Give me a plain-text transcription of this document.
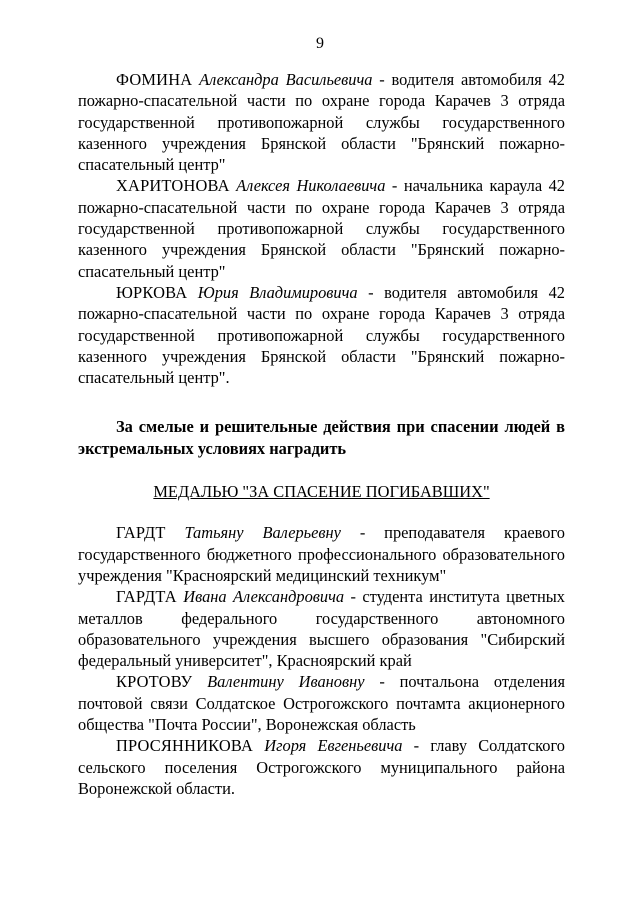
9

ФОМИНА Александра Васильевича - водителя автомобиля 42 пожарно-спасательной части по охране города Карачев 3 отряда государственной противопожарной службы государственного казенного учреждения Брянской области "Брянский пожарно-спасательный центр"

ХАРИТОНОВА Алексея Николаевича - начальника караула 42 пожарно-спасательной части по охране города Карачев 3 отряда государственной противопожарной службы государственного казенного учреждения Брянской области "Брянский пожарно-спасательный центр"

ЮРКОВА Юрия Владимировича - водителя автомобиля 42 пожарно-спасательной части по охране города Карачев 3 отряда государственной противопожарной службы государственного казенного учреждения Брянской области "Брянский пожарно-спасательный центр".

За смелые и решительные действия при спасении людей в экстремальных условиях наградить

МЕДАЛЬЮ "ЗА СПАСЕНИЕ ПОГИБАВШИХ"

ГАРДТ Татьяну Валерьевну - преподавателя краевого государственного бюджетного профессионального образовательного учреждения "Красноярский медицинский техникум"

ГАРДТА Ивана Александровича - студента института цветных металлов федерального государственного автономного образовательного учреждения высшего образования "Сибирский федеральный университет", Красноярский край

КРОТОВУ Валентину Ивановну - почтальона отделения почтовой связи Солдатское Острогожского почтамта акционерного общества "Почта России", Воронежская область

ПРОСЯННИКОВА Игоря Евгеньевича - главу Солдатского сельского поселения Острогожского муниципального района Воронежской области.
